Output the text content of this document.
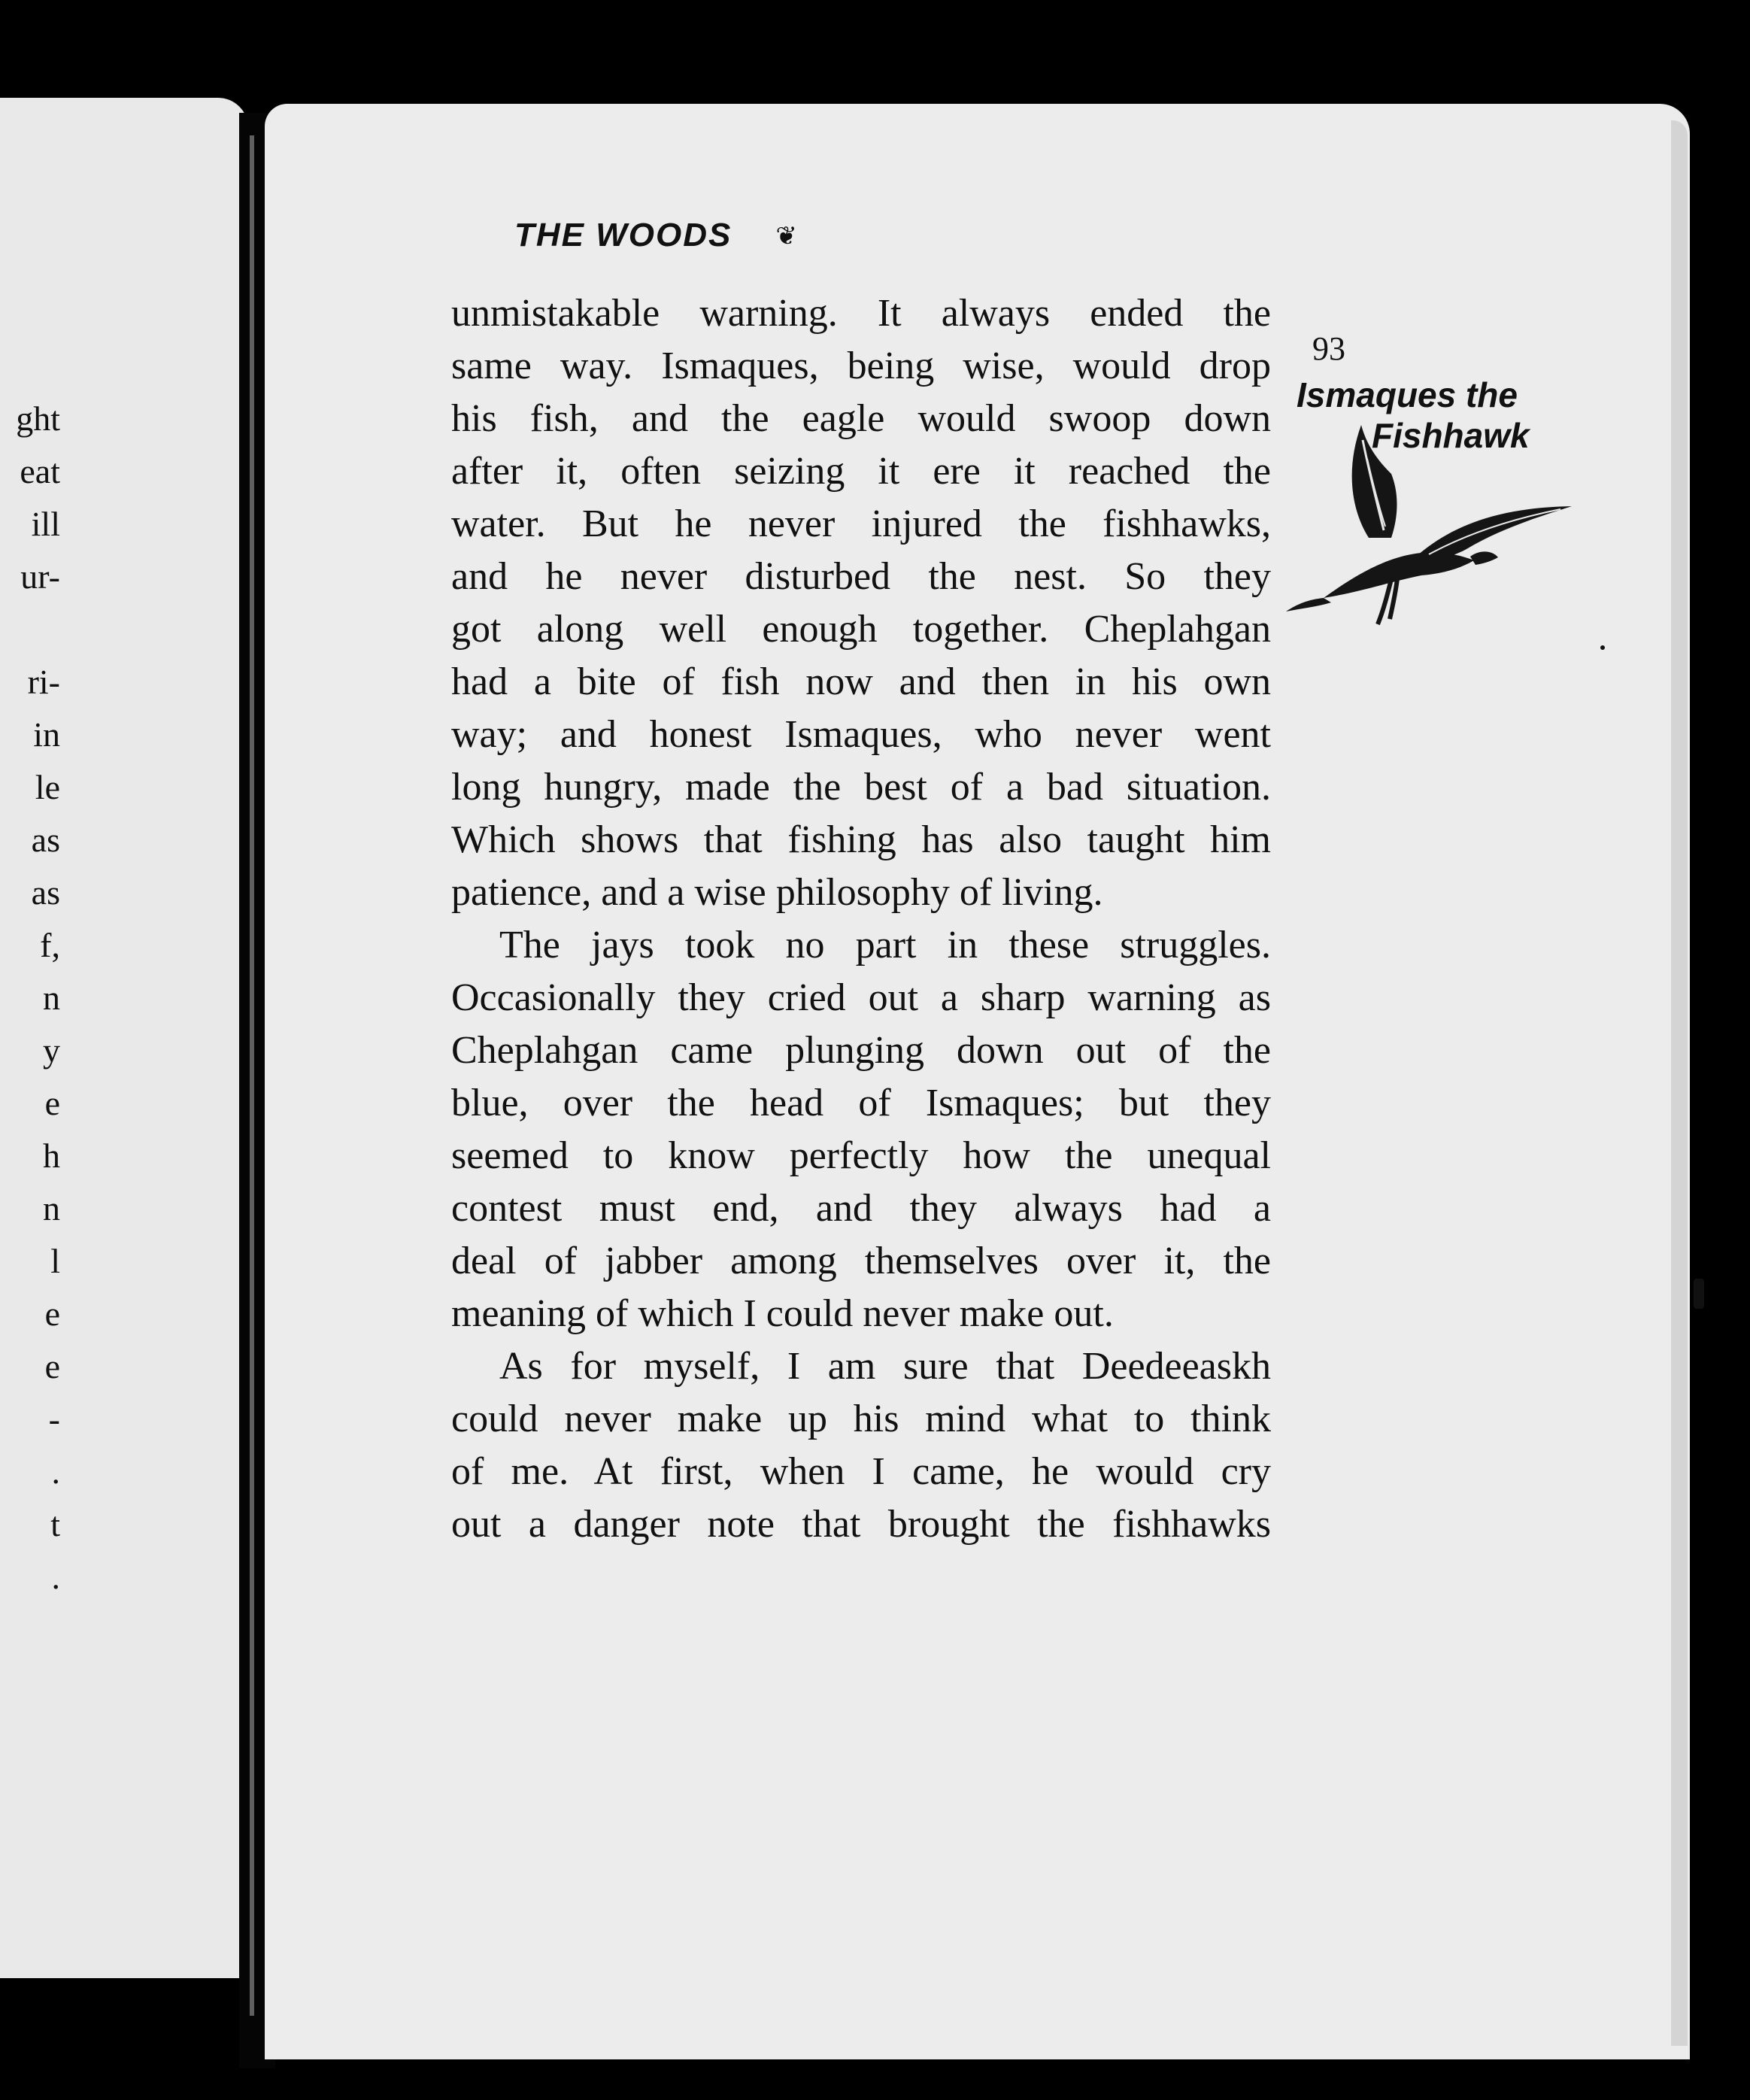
ght
eat
ill
ur-
ri-
in
le
as
as
f,
n
y
e
h
n
l
e
e
-
.
t
.
THE WOODS ❦
93
Ismaques the
Fishhawk
unmistakable warning. It always ended the
same way. Ismaques, being wise, would drop
his fish, and the eagle would swoop down
after it, often seizing it ere it reached the
water. But he never injured the fishhawks,
and he never disturbed the nest. So they
got along well enough together. Cheplahgan
had a bite of fish now and then in his own
way; and honest Ismaques, who never went
long hungry, made the best of a bad situation.
Which shows that fishing has also taught him
patience, and a wise philosophy of living.
The jays took no part in these struggles.
Occasionally they cried out a sharp warning as
Cheplahgan came plunging down out of the
blue, over the head of Ismaques; but they
seemed to know perfectly how the unequal
contest must end, and they always had a
deal of jabber among themselves over it, the
meaning of which I could never make out.
As for myself, I am sure that Deedeeaskh
could never make up his mind what to think
of me. At first, when I came, he would cry
out a danger note that brought the fishhawks
